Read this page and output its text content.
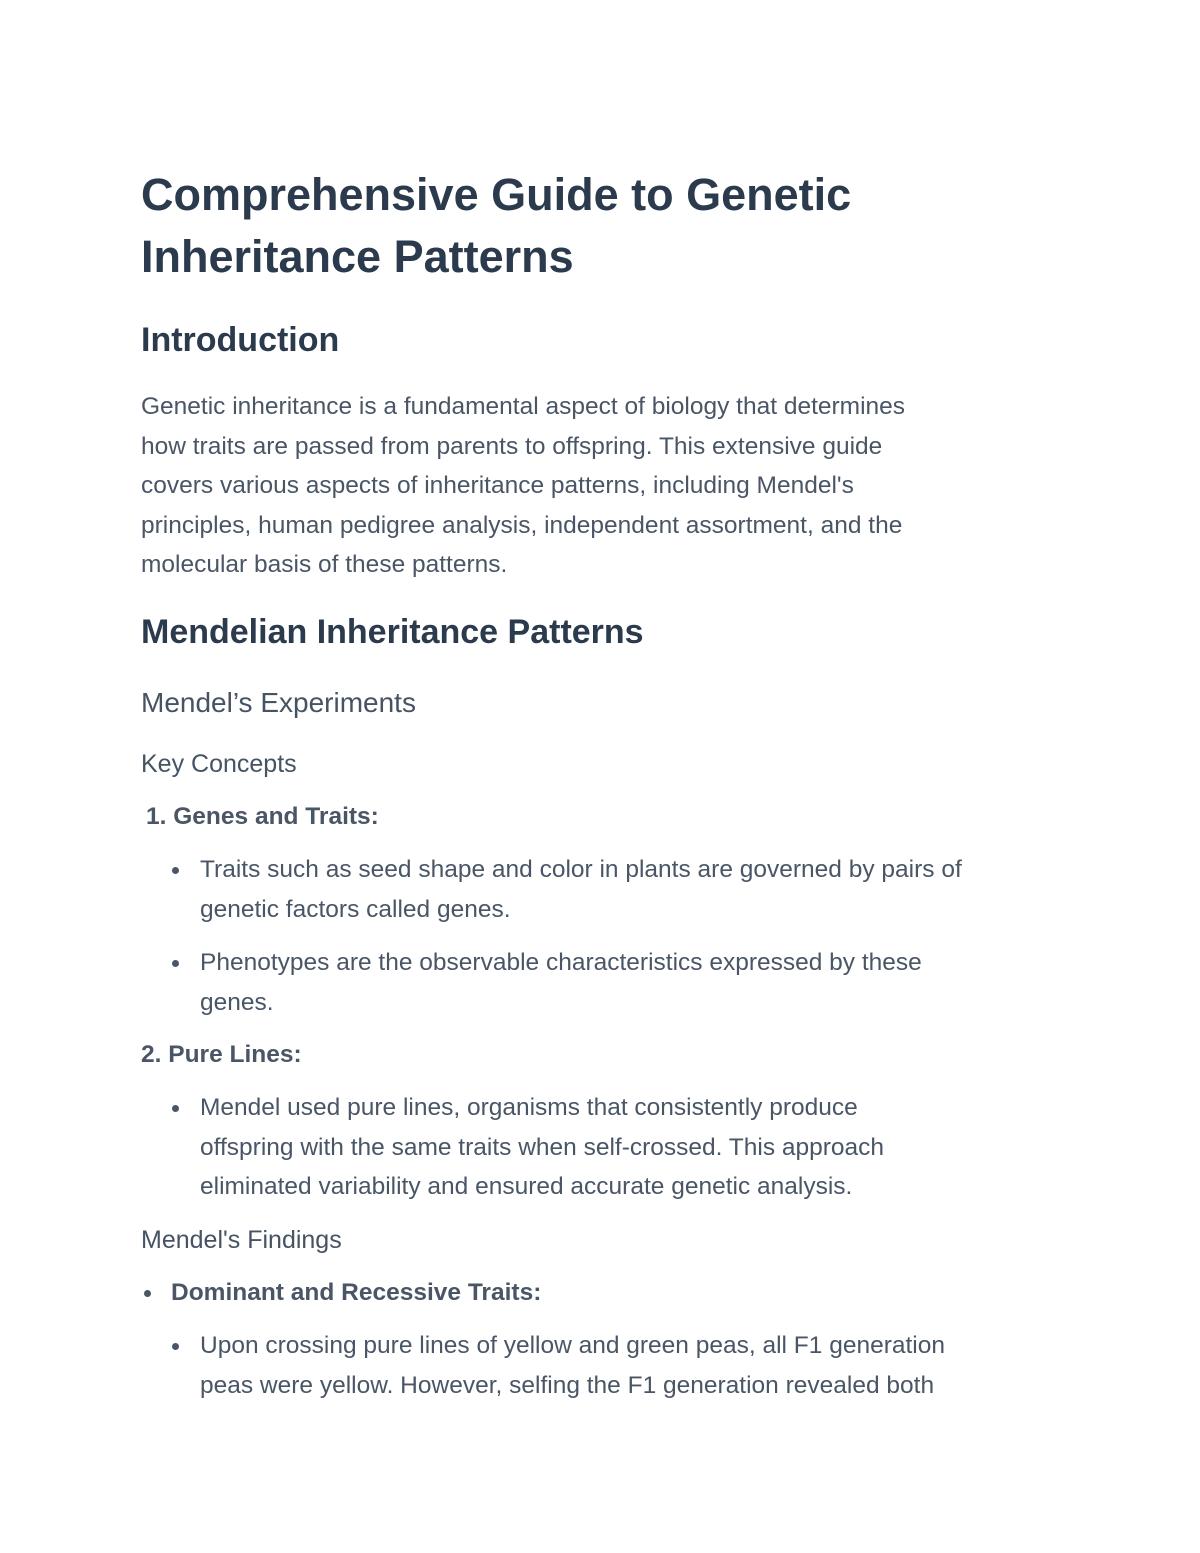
Comprehensive Guide to Genetic
Inheritance Patterns
Introduction
Genetic inheritance is a fundamental aspect of biology that determines
how traits are passed from parents to offspring. This extensive guide
covers various aspects of inheritance patterns, including Mendel's
principles, human pedigree analysis, independent assortment, and the
molecular basis of these patterns.
Mendelian Inheritance Patterns
Mendel’s Experiments
Key Concepts
1. Genes and Traits:
Traits such as seed shape and color in plants are governed by pairs of
genetic factors called genes.
Phenotypes are the observable characteristics expressed by these
genes.
2. Pure Lines:
Mendel used pure lines, organisms that consistently produce
offspring with the same traits when self-crossed. This approach
eliminated variability and ensured accurate genetic analysis.
Mendel's Findings
Dominant and Recessive Traits:
Upon crossing pure lines of yellow and green peas, all F1 generation
peas were yellow. However, selfing the F1 generation revealed both
